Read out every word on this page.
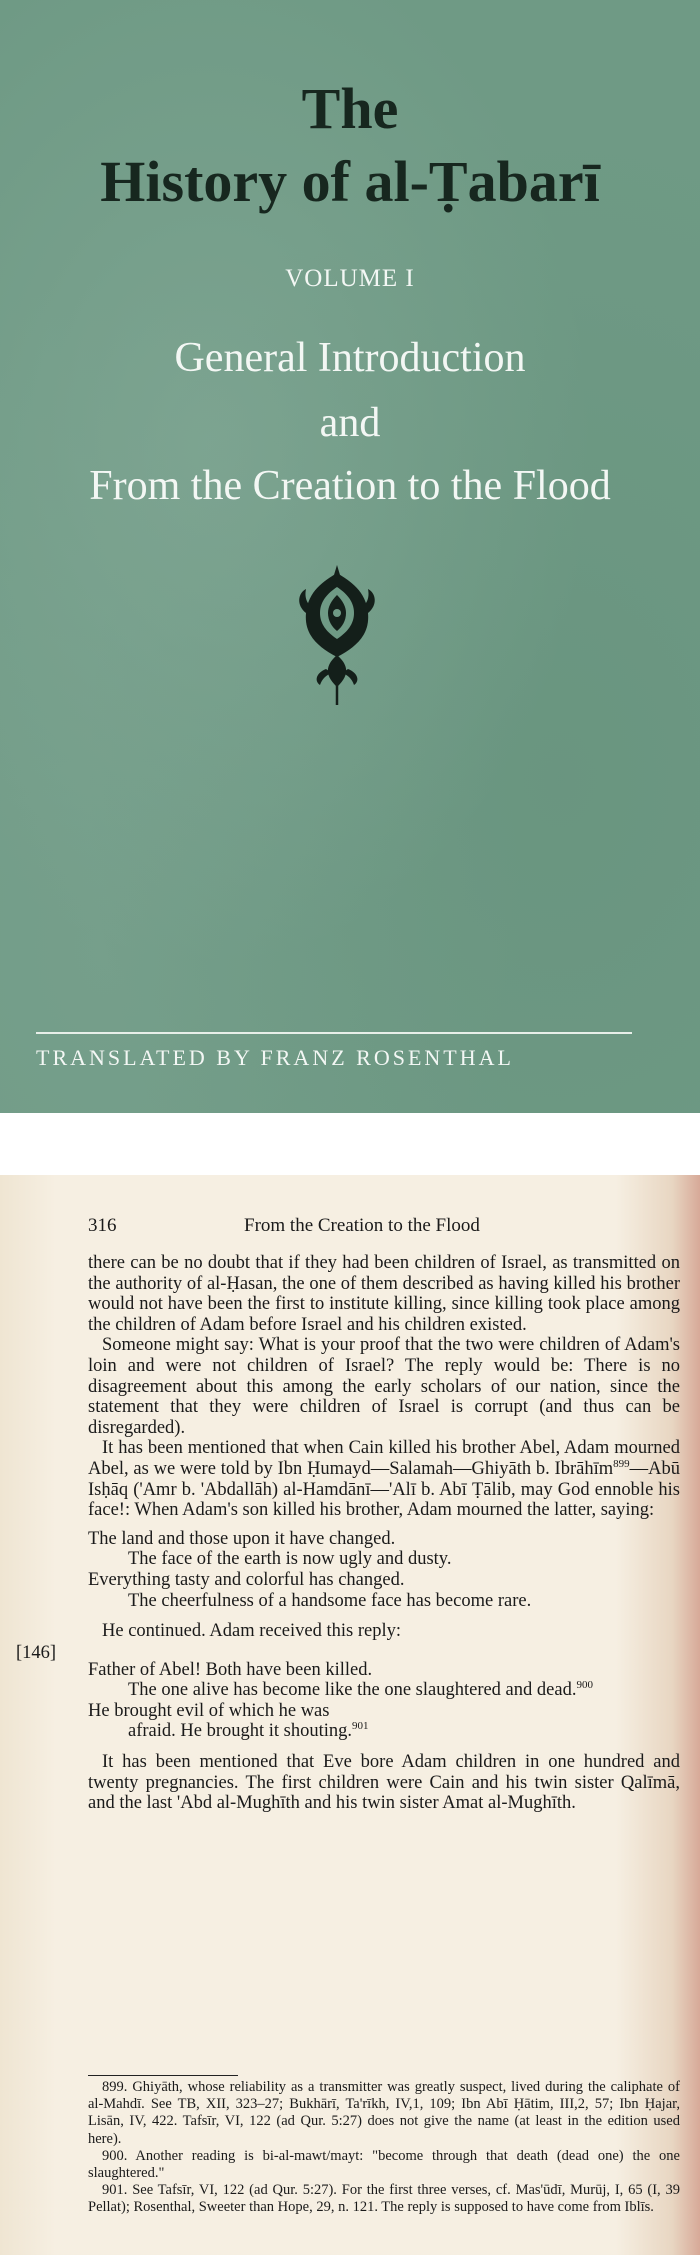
The
History of al-Ṭabarī
VOLUME I
General Introduction
and
From the Creation to the Flood
TRANSLATED BY FRANZ ROSENTHAL
316	From the Creation to the Flood
[146]

there can be no doubt that if they had been children of Israel, as transmitted on the authority of al-Ḥasan, the one of them described as having killed his brother would not have been the first to institute killing, since killing took place among the children of Adam before Israel and his children existed.

Someone might say: What is your proof that the two were children of Adam's loin and were not children of Israel? The reply would be: There is no disagreement about this among the early scholars of our nation, since the statement that they were children of Israel is corrupt (and thus can be disregarded).

It has been mentioned that when Cain killed his brother Abel, Adam mourned Abel, as we were told by Ibn Ḥumayd—Salamah—Ghiyāth b. Ibrāhīm$^{899}$—Abū Isḥāq ('Amr b. 'Abdallāh) al-Hamdānī—'Alī b. Abī Ṭālib, may God ennoble his face!: When Adam's son killed his brother, Adam mourned the latter, saying:

The land and those upon it have changed.

The face of the earth is now ugly and dusty.

Everything tasty and colorful has changed.

The cheerfulness of a handsome face has become rare.

He continued. Adam received this reply:

Father of Abel! Both have been killed.

The one alive has become like the one slaughtered and dead.$^{900}$

He brought evil of which he was

afraid. He brought it shouting.$^{901}$

It has been mentioned that Eve bore Adam children in one hundred and twenty pregnancies. The first children were Cain and his twin sister Qalīmā, and the last 'Abd al-Mughīth and his twin sister Amat al-Mughīth.

899. Ghiyāth, whose reliability as a transmitter was greatly suspect, lived during the caliphate of al-Mahdī. See TB, XII, 323–27; Bukhārī, Ta'rīkh, IV,1, 109; Ibn Abī Ḥātim, III,2, 57; Ibn Ḥajar, Lisān, IV, 422. Tafsīr, VI, 122 (ad Qur. 5:27) does not give the name (at least in the edition used here).

900. Another reading is bi-al-mawt/mayt: "become through that death (dead one) the one slaughtered."

901. See Tafsīr, VI, 122 (ad Qur. 5:27). For the first three verses, cf. Mas'ūdī, Murūj, I, 65 (I, 39 Pellat); Rosenthal, Sweeter than Hope, 29, n. 121. The reply is supposed to have come from Iblīs.
